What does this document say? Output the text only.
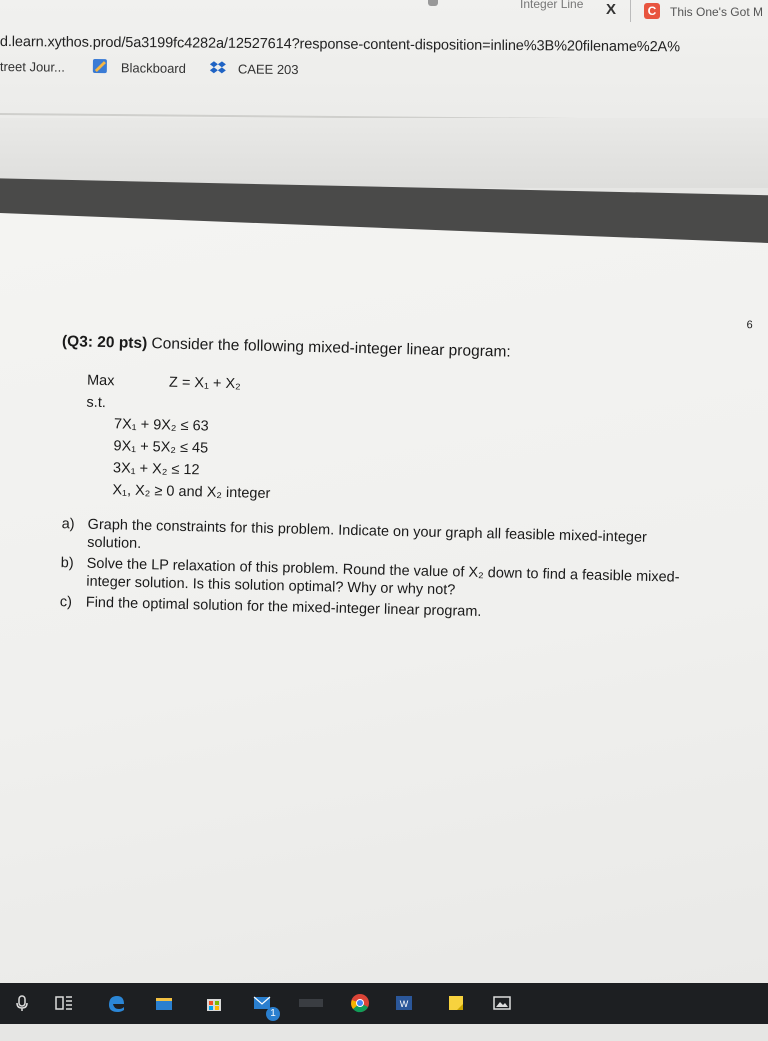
Integer Line X	C	This One's Got M
d.learn.xythos.prod/5a3199fc4282a/12527614?response-content-disposition=inline%3B%20filename%2A%
treet Jour...	Blackboard	CAEE 203
6
(Q3: 20 pts) Consider the following mixed-integer linear program:
Max	Z = X₁ + X₂
s.t.
7X₁ + 9X₂ ≤ 63
9X₁ + 5X₂ ≤ 45
3X₁ + X₂ ≤ 12
X₁, X₂ ≥ 0 and X₂ integer
a) Graph the constraints for this problem. Indicate on your graph all feasible mixed-integer solution.
b) Solve the LP relaxation of this problem. Round the value of X₂ down to find a feasible mixed-integer solution. Is this solution optimal? Why or why not?
c) Find the optimal solution for the mixed-integer linear program.
1
W
